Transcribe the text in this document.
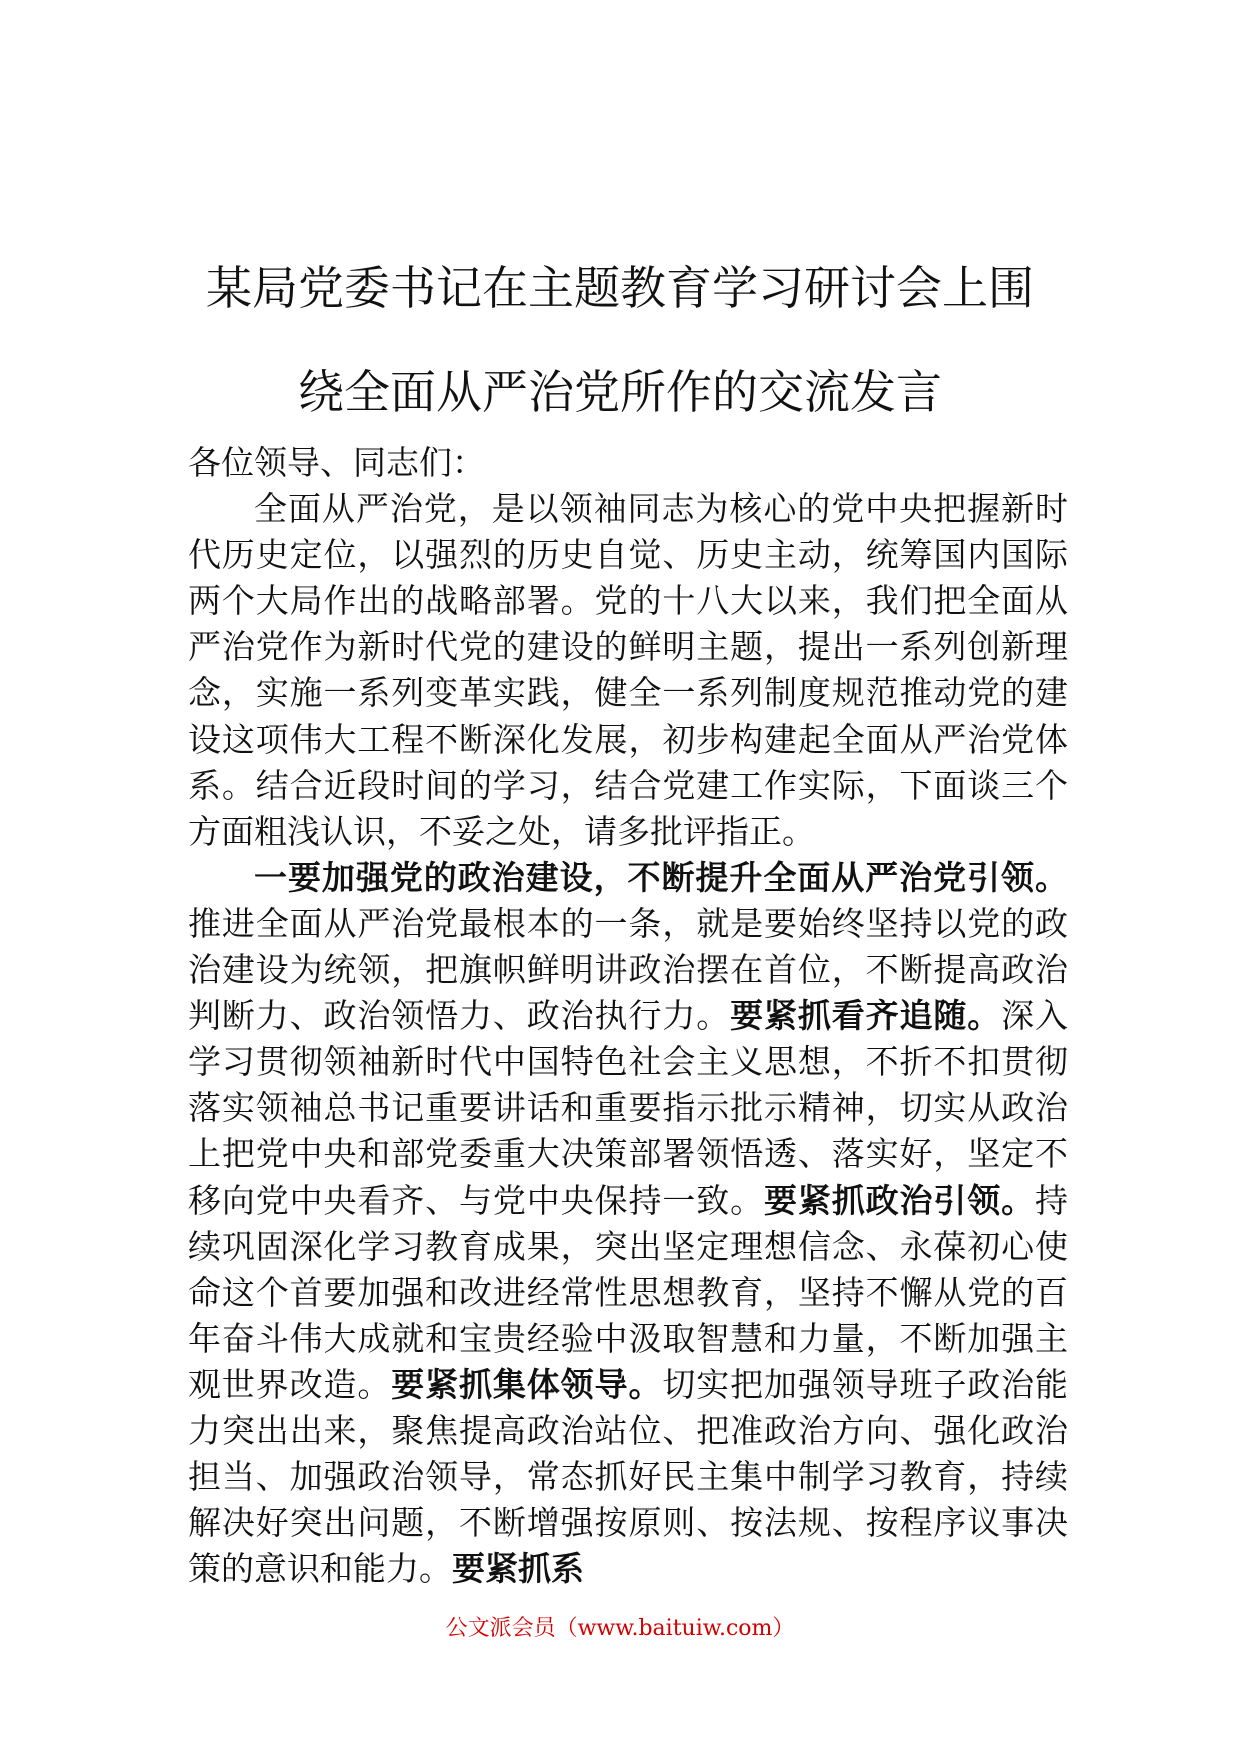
某局党委书记在主题教育学习研讨会上围
绕全面从严治党所作的交流发言

各位领导、同志们：

全面从严治党，是以领袖同志为核心的党中央把握新时代历史定位，以强烈的历史自觉、历史主动，统筹国内国际两个大局作出的战略部署。党的十八大以来，我们把全面从严治党作为新时代党的建设的鲜明主题，提出一系列创新理念，实施一系列变革实践，健全一系列制度规范推动党的建设这项伟大工程不断深化发展，初步构建起全面从严治党体系。结合近段时间的学习，结合党建工作实际，下面谈三个方面粗浅认识，不妥之处，请多批评指正。

一要加强党的政治建设，不断提升全面从严治党引领。推进全面从严治党最根本的一条，就是要始终坚持以党的政治建设为统领，把旗帜鲜明讲政治摆在首位，不断提高政治判断力、政治领悟力、政治执行力。要紧抓看齐追随。深入学习贯彻领袖新时代中国特色社会主义思想，不折不扣贯彻落实领袖总书记重要讲话和重要指示批示精神，切实从政治上把党中央和部党委重大决策部署领悟透、落实好，坚定不移向党中央看齐、与党中央保持一致。要紧抓政治引领。持续巩固深化学习教育成果，突出坚定理想信念、永葆初心使命这个首要加强和改进经常性思想教育，坚持不懈从党的百年奋斗伟大成就和宝贵经验中汲取智慧和力量，不断加强主观世界改造。要紧抓集体领导。切实把加强领导班子政治能力突出出来，聚焦提高政治站位、把准政治方向、强化政治担当、加强政治领导，常态抓好民主集中制学习教育，持续解决好突出问题，不断增强按原则、按法规、按程序议事决策的意识和能力。要紧抓系

公文派会员（www.baituiw.com）
